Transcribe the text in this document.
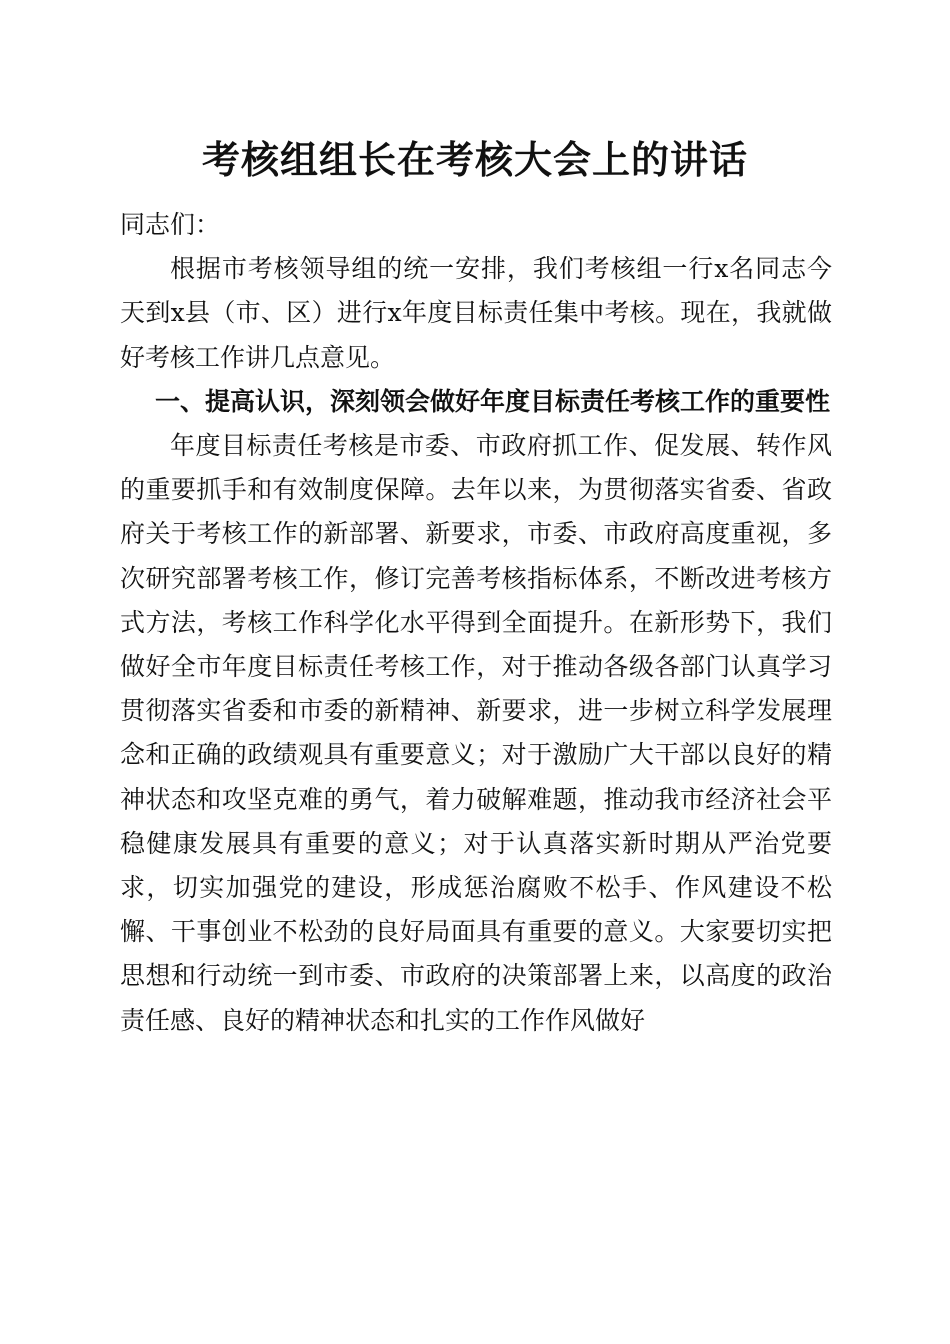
考核组组长在考核大会上的讲话

同志们：

根据市考核领导组的统一安排，我们考核组一行x名同志今天到x县（市、区）进行x年度目标责任集中考核。现在，我就做好考核工作讲几点意见。

一、提高认识，深刻领会做好年度目标责任考核工作的重要性

年度目标责任考核是市委、市政府抓工作、促发展、转作风的重要抓手和有效制度保障。去年以来，为贯彻落实省委、省政府关于考核工作的新部署、新要求，市委、市政府高度重视，多次研究部署考核工作，修订完善考核指标体系，不断改进考核方式方法，考核工作科学化水平得到全面提升。在新形势下，我们做好全市年度目标责任考核工作，对于推动各级各部门认真学习贯彻落实省委和市委的新精神、新要求，进一步树立科学发展理念和正确的政绩观具有重要意义；对于激励广大干部以良好的精神状态和攻坚克难的勇气，着力破解难题，推动我市经济社会平稳健康发展具有重要的意义；对于认真落实新时期从严治党要求，切实加强党的建设，形成惩治腐败不松手、作风建设不松懈、干事创业不松劲的良好局面具有重要的意义。大家要切实把思想和行动统一到市委、市政府的决策部署上来，以高度的政治责任感、良好的精神状态和扎实的工作作风做好
